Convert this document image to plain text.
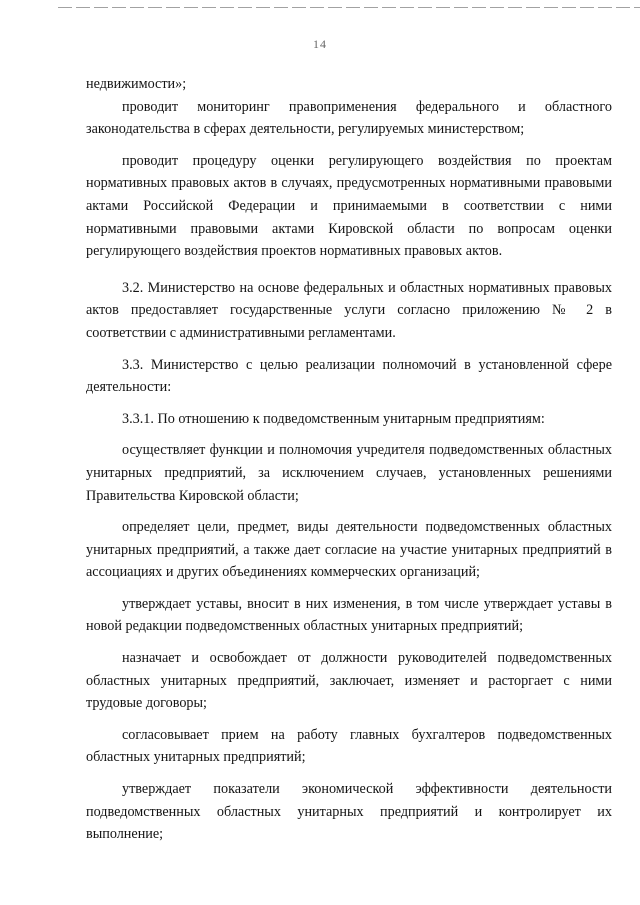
14

недвижимости»;

проводит мониторинг правоприменения федерального и областного законодательства в сферах деятельности, регулируемых министерством;

проводит процедуру оценки регулирующего воздействия по проектам нормативных правовых актов в случаях, предусмотренных нормативными правовыми актами Российской Федерации и принимаемыми в соответствии с ними нормативными правовыми актами Кировской области по вопросам оценки регулирующего воздействия проектов нормативных правовых актов.

3.2. Министерство на основе федеральных и областных нормативных правовых актов предоставляет государственные услуги согласно приложению № 2 в соответствии с административными регламентами.

3.3. Министерство с целью реализации полномочий в установленной сфере деятельности:

3.3.1. По отношению к подведомственным унитарным предприятиям:

осуществляет функции и полномочия учредителя подведомственных областных унитарных предприятий, за исключением случаев, установленных решениями Правительства Кировской области;

определяет цели, предмет, виды деятельности подведомственных областных унитарных предприятий, а также дает согласие на участие унитарных предприятий в ассоциациях и других объединениях коммерческих организаций;

утверждает уставы, вносит в них изменения, в том числе утверждает уставы в новой редакции подведомственных областных унитарных предприятий;

назначает и освобождает от должности руководителей подведомственных областных унитарных предприятий, заключает, изменяет и расторгает с ними трудовые договоры;

согласовывает прием на работу главных бухгалтеров подведомственных областных унитарных предприятий;

утверждает показатели экономической эффективности деятельности подведомственных областных унитарных предприятий и контролирует их выполнение;
